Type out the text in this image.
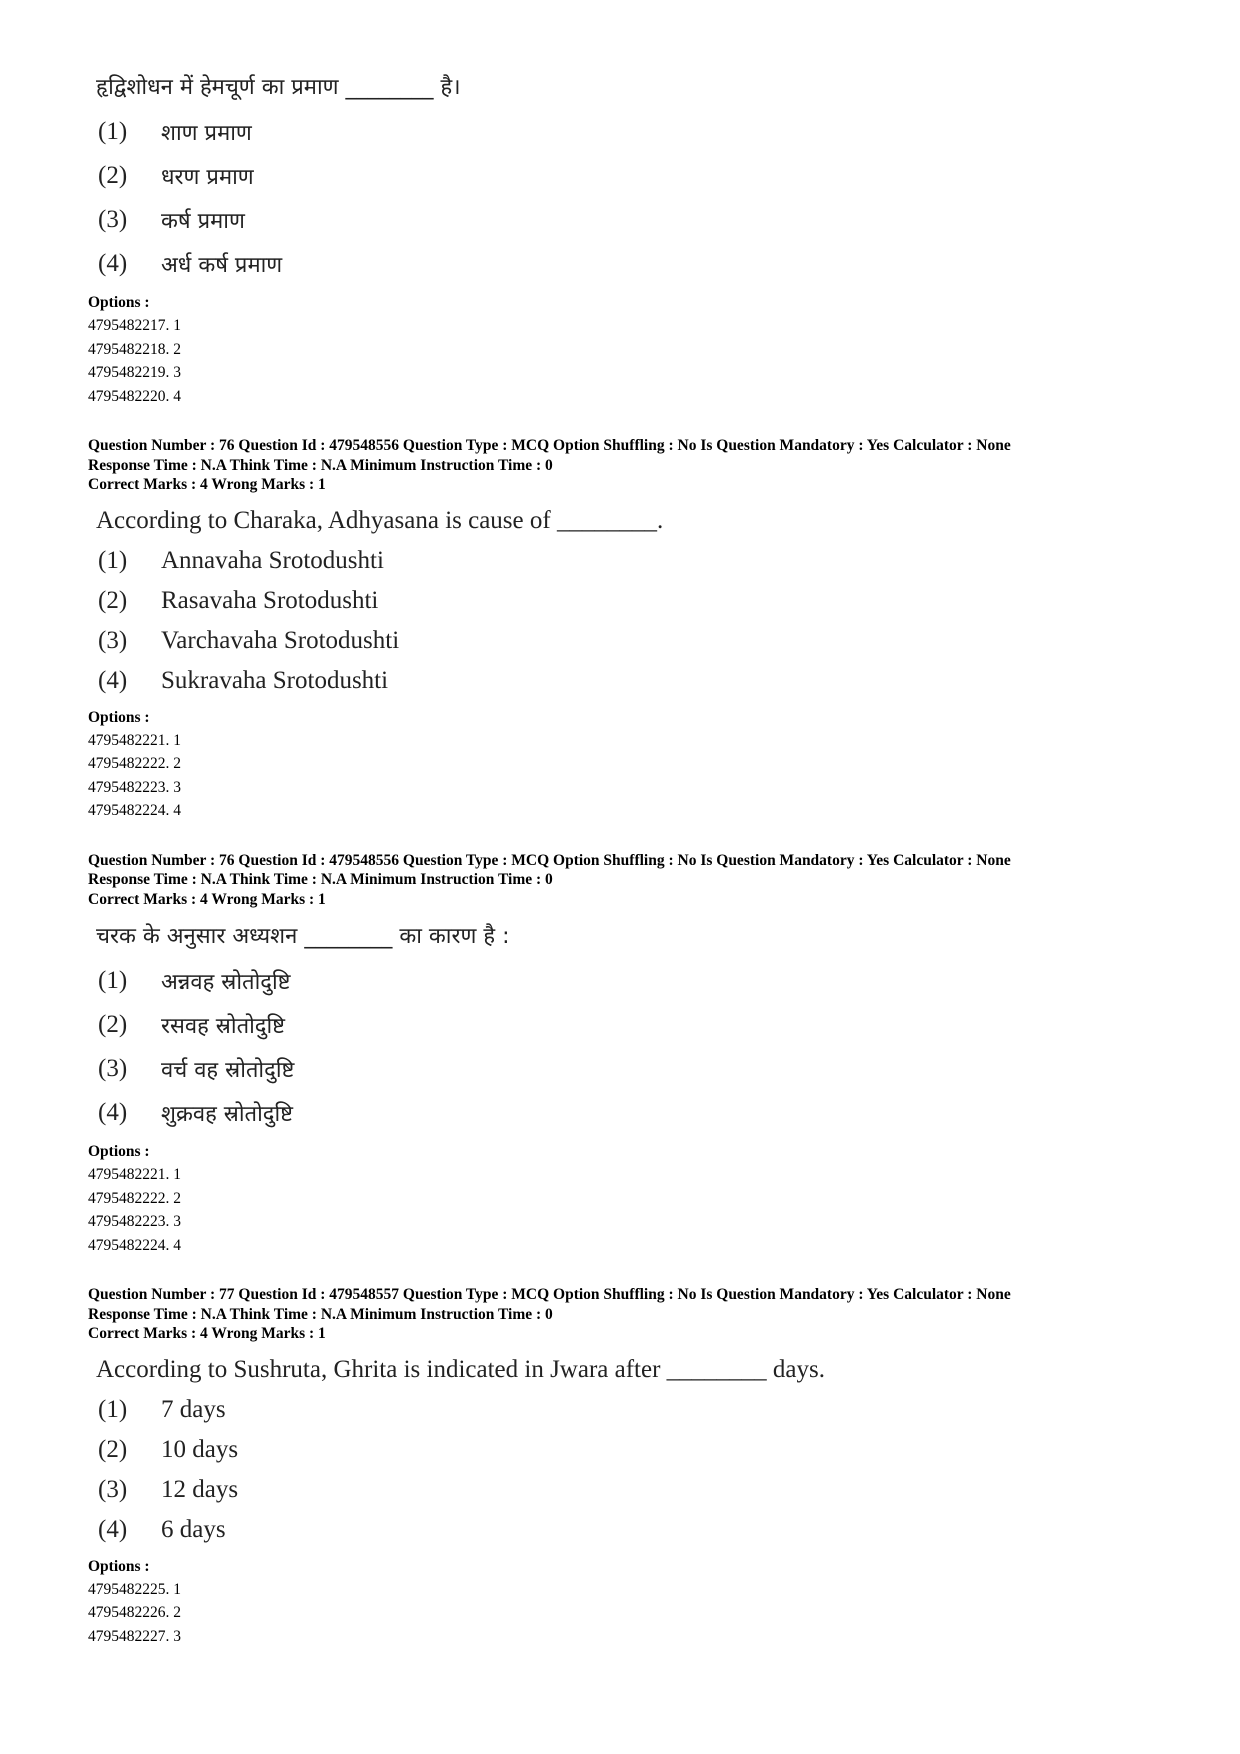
हृद्विशोधन में हेमचूर्ण का प्रमाण ________ है।
(1)	शाण प्रमाण
(2)	धरण प्रमाण
(3)	कर्ष प्रमाण
(4)	अर्ध कर्ष प्रमाण
Options :
4795482217. 1
4795482218. 2
4795482219. 3
4795482220. 4
Question Number : 76 Question Id : 479548556 Question Type : MCQ Option Shuffling : No Is Question Mandatory : Yes Calculator : None
Response Time : N.A Think Time : N.A Minimum Instruction Time : 0
Correct Marks : 4 Wrong Marks : 1
According to Charaka, Adhyasana is cause of ________.
(1)	Annavaha Srotodushti
(2)	Rasavaha Srotodushti
(3)	Varchavaha Srotodushti
(4)	Sukravaha Srotodushti
Options :
4795482221. 1
4795482222. 2
4795482223. 3
4795482224. 4
Question Number : 76 Question Id : 479548556 Question Type : MCQ Option Shuffling : No Is Question Mandatory : Yes Calculator : None
Response Time : N.A Think Time : N.A Minimum Instruction Time : 0
Correct Marks : 4 Wrong Marks : 1
चरक के अनुसार अध्यशन ________ का कारण है :
(1)	अन्नवह स्रोतोदुष्टि
(2)	रसवह स्रोतोदुष्टि
(3)	वर्च वह स्रोतोदुष्टि
(4)	शुक्रवह स्रोतोदुष्टि
Options :
4795482221. 1
4795482222. 2
4795482223. 3
4795482224. 4
Question Number : 77 Question Id : 479548557 Question Type : MCQ Option Shuffling : No Is Question Mandatory : Yes Calculator : None
Response Time : N.A Think Time : N.A Minimum Instruction Time : 0
Correct Marks : 4 Wrong Marks : 1
According to Sushruta, Ghrita is indicated in Jwara after ________ days.
(1)	7 days
(2)	10 days
(3)	12 days
(4)	6 days
Options :
4795482225. 1
4795482226. 2
4795482227. 3
